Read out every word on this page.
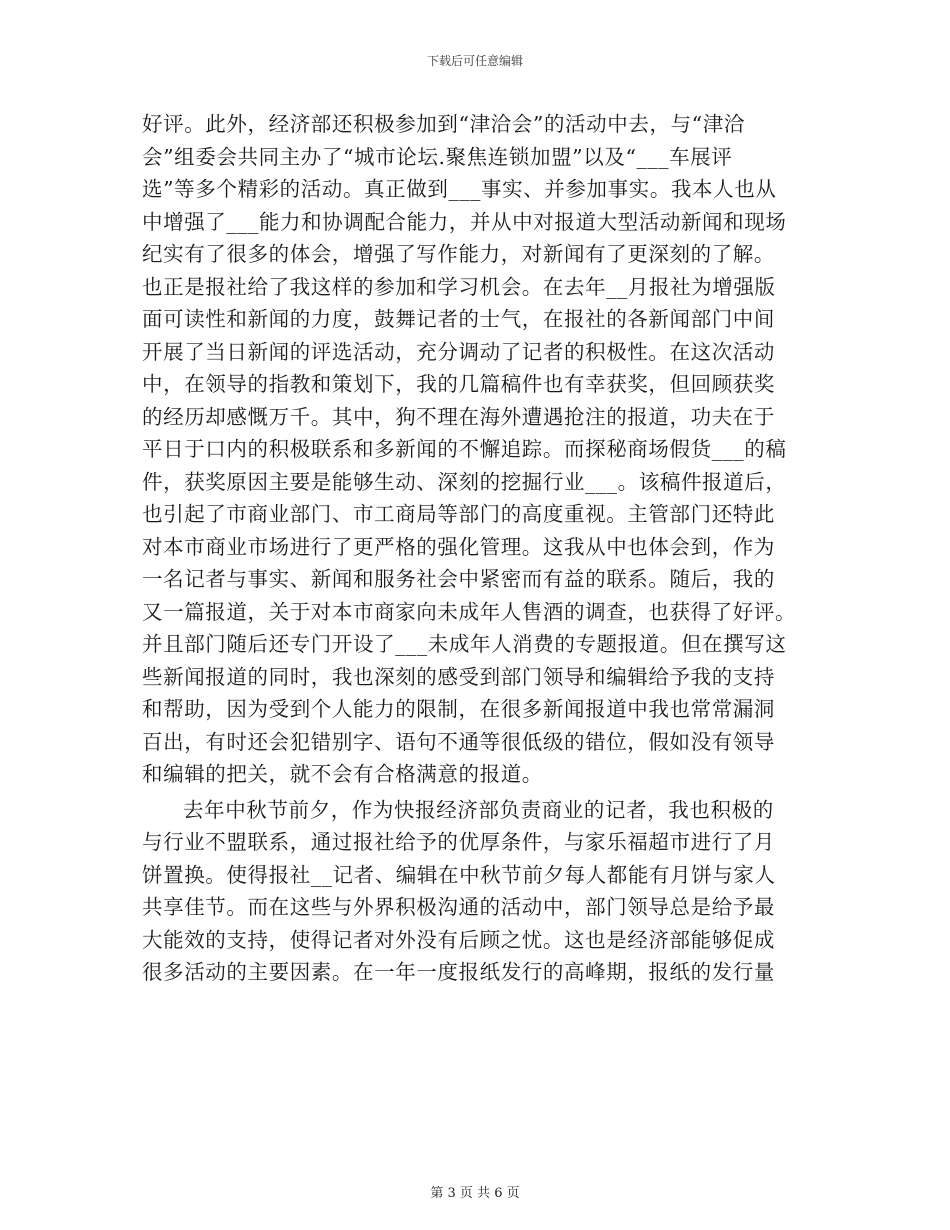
下载后可任意编辑
好评。此外，经济部还积极参加到“津洽会”的活动中去，与“津洽
会”组委会共同主办了“城市论坛.聚焦连锁加盟”以及“___车展评
选”等多个精彩的活动。真正做到___事实、并参加事实。我本人也从
中增强了___能力和协调配合能力，并从中对报道大型活动新闻和现场
纪实有了很多的体会，增强了写作能力，对新闻有了更深刻的了解。
也正是报社给了我这样的参加和学习机会。在去年__月报社为增强版
面可读性和新闻的力度，鼓舞记者的士气，在报社的各新闻部门中间
开展了当日新闻的评选活动，充分调动了记者的积极性。在这次活动
中，在领导的指教和策划下，我的几篇稿件也有幸获奖，但回顾获奖
的经历却感慨万千。其中，狗不理在海外遭遇抢注的报道，功夫在于
平日于口内的积极联系和多新闻的不懈追踪。而探秘商场假货___的稿
件，获奖原因主要是能够生动、深刻的挖掘行业___。该稿件报道后，
也引起了市商业部门、市工商局等部门的高度重视。主管部门还特此
对本市商业市场进行了更严格的强化管理。这我从中也体会到，作为
一名记者与事实、新闻和服务社会中紧密而有益的联系。随后，我的
又一篇报道，关于对本市商家向未成年人售酒的调查，也获得了好评。
并且部门随后还专门开设了___未成年人消费的专题报道。但在撰写这
些新闻报道的同时，我也深刻的感受到部门领导和编辑给予我的支持
和帮助，因为受到个人能力的限制，在很多新闻报道中我也常常漏洞
百出，有时还会犯错别字、语句不通等很低级的错位，假如没有领导
和编辑的把关，就不会有合格满意的报道。
去年中秋节前夕，作为快报经济部负责商业的记者，我也积极的
与行业不盟联系，通过报社给予的优厚条件，与家乐福超市进行了月
饼置换。使得报社__记者、编辑在中秋节前夕每人都能有月饼与家人
共享佳节。而在这些与外界积极沟通的活动中，部门领导总是给予最
大能效的支持，使得记者对外没有后顾之忧。这也是经济部能够促成
很多活动的主要因素。在一年一度报纸发行的高峰期，报纸的发行量
第 3 页 共 6 页
